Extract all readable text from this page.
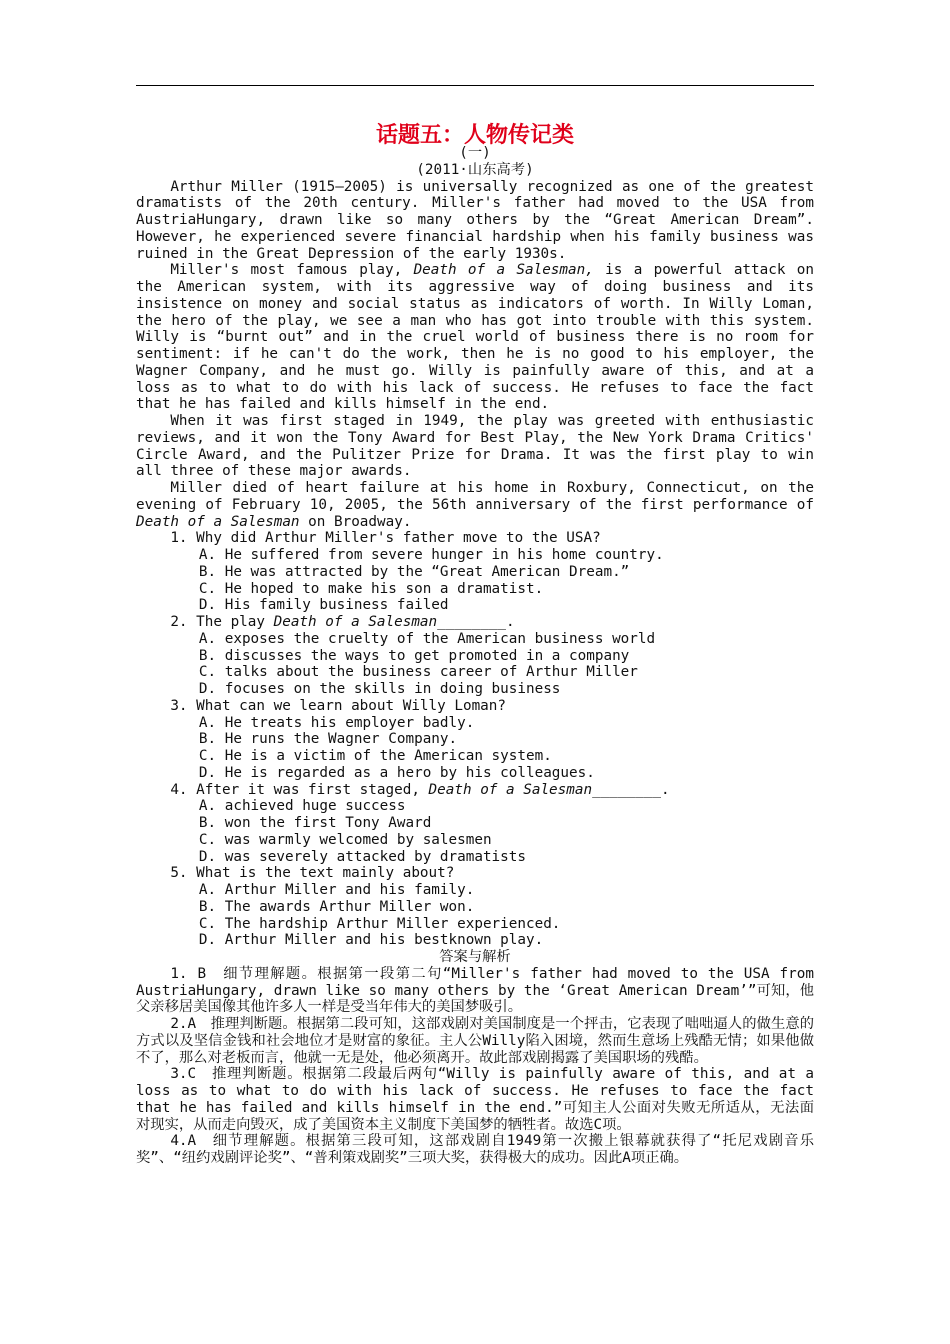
话题五：人物传记类
(一)
(2011·山东高考)

Arthur Miller (1915—2005) is universally recognized as one of the greatest dramatists of the 20th century. Miller's father had moved to the USA from AustriaHungary, drawn like so many others by the “Great American Dream”. However, he experienced severe financial hardship when his family business was ruined in the Great Depression of the early 1930s.

Miller's most famous play, Death of a Salesman, is a powerful attack on the American system, with its aggressive way of doing business and its insistence on money and social status as indicators of worth. In Willy Loman, the hero of the play, we see a man who has got into trouble with this system. Willy is “burnt out” and in the cruel world of business there is no room for sentiment: if he can't do the work, then he is no good to his employer, the Wagner Company, and he must go. Willy is painfully aware of this, and at a loss as to what to do with his lack of success. He refuses to face the fact that he has failed and kills himself in the end.

When it was first staged in 1949, the play was greeted with enthusiastic reviews, and it won the Tony Award for Best Play, the New York Drama Critics' Circle Award, and the Pulitzer Prize for Drama. It was the first play to win all three of these major awards.

Miller died of heart failure at his home in Roxbury, Connecticut, on the evening of February 10, 2005, the 56th anniversary of the first performance of Death of a Salesman on Broadway.

1. Why did Arthur Miller's father move to the USA?
A. He suffered from severe hunger in his home country.
B. He was attracted by the “Great American Dream.”
C. He hoped to make his son a dramatist.
D. His family business failed
2. The play Death of a Salesman________.
A. exposes the cruelty of the American business world
B. discusses the ways to get promoted in a company
C. talks about the business career of Arthur Miller
D. focuses on the skills in doing business
3. What can we learn about Willy Loman?
A. He treats his employer badly.
B. He runs the Wagner Company.
C. He is a victim of the American system.
D. He is regarded as a hero by his colleagues.
4. After it was first staged, Death of a Salesman________.
A. achieved huge success
B. won the first Tony Award
C. was warmly welcomed by salesmen
D. was severely attacked by dramatists
5. What is the text mainly about?
A. Arthur Miller and his family.
B. The awards Arthur Miller won.
C. The hardship Arthur Miller experienced.
D. Arthur Miller and his bestknown play.
答案与解析

1. B　细节理解题。根据第一段第二句“Miller's father had moved to the USA from AustriaHungary, drawn like so many others by the ‘Great American Dream’”可知，他父亲移居美国像其他许多人一样是受当年伟大的美国梦吸引。

2.A　推理判断题。根据第二段可知，这部戏剧对美国制度是一个抨击，它表现了咄咄逼人的做生意的方式以及坚信金钱和社会地位才是财富的象征。主人公Willy陷入困境，然而生意场上残酷无情；如果他做不了，那么对老板而言，他就一无是处，他必须离开。故此部戏剧揭露了美国职场的残酷。

3.C　推理判断题。根据第二段最后两句“Willy is painfully aware of this, and at a loss as to what to do with his lack of success. He refuses to face the fact that he has failed and kills himself in the end.”可知主人公面对失败无所适从，无法面对现实，从而走向毁灭，成了美国资本主义制度下美国梦的牺牲者。故选C项。

4.A　细节理解题。根据第三段可知，这部戏剧自1949第一次搬上银幕就获得了“托尼戏剧音乐奖”、“纽约戏剧评论奖”、“普利策戏剧奖”三项大奖，获得极大的成功。因此A项正确。
